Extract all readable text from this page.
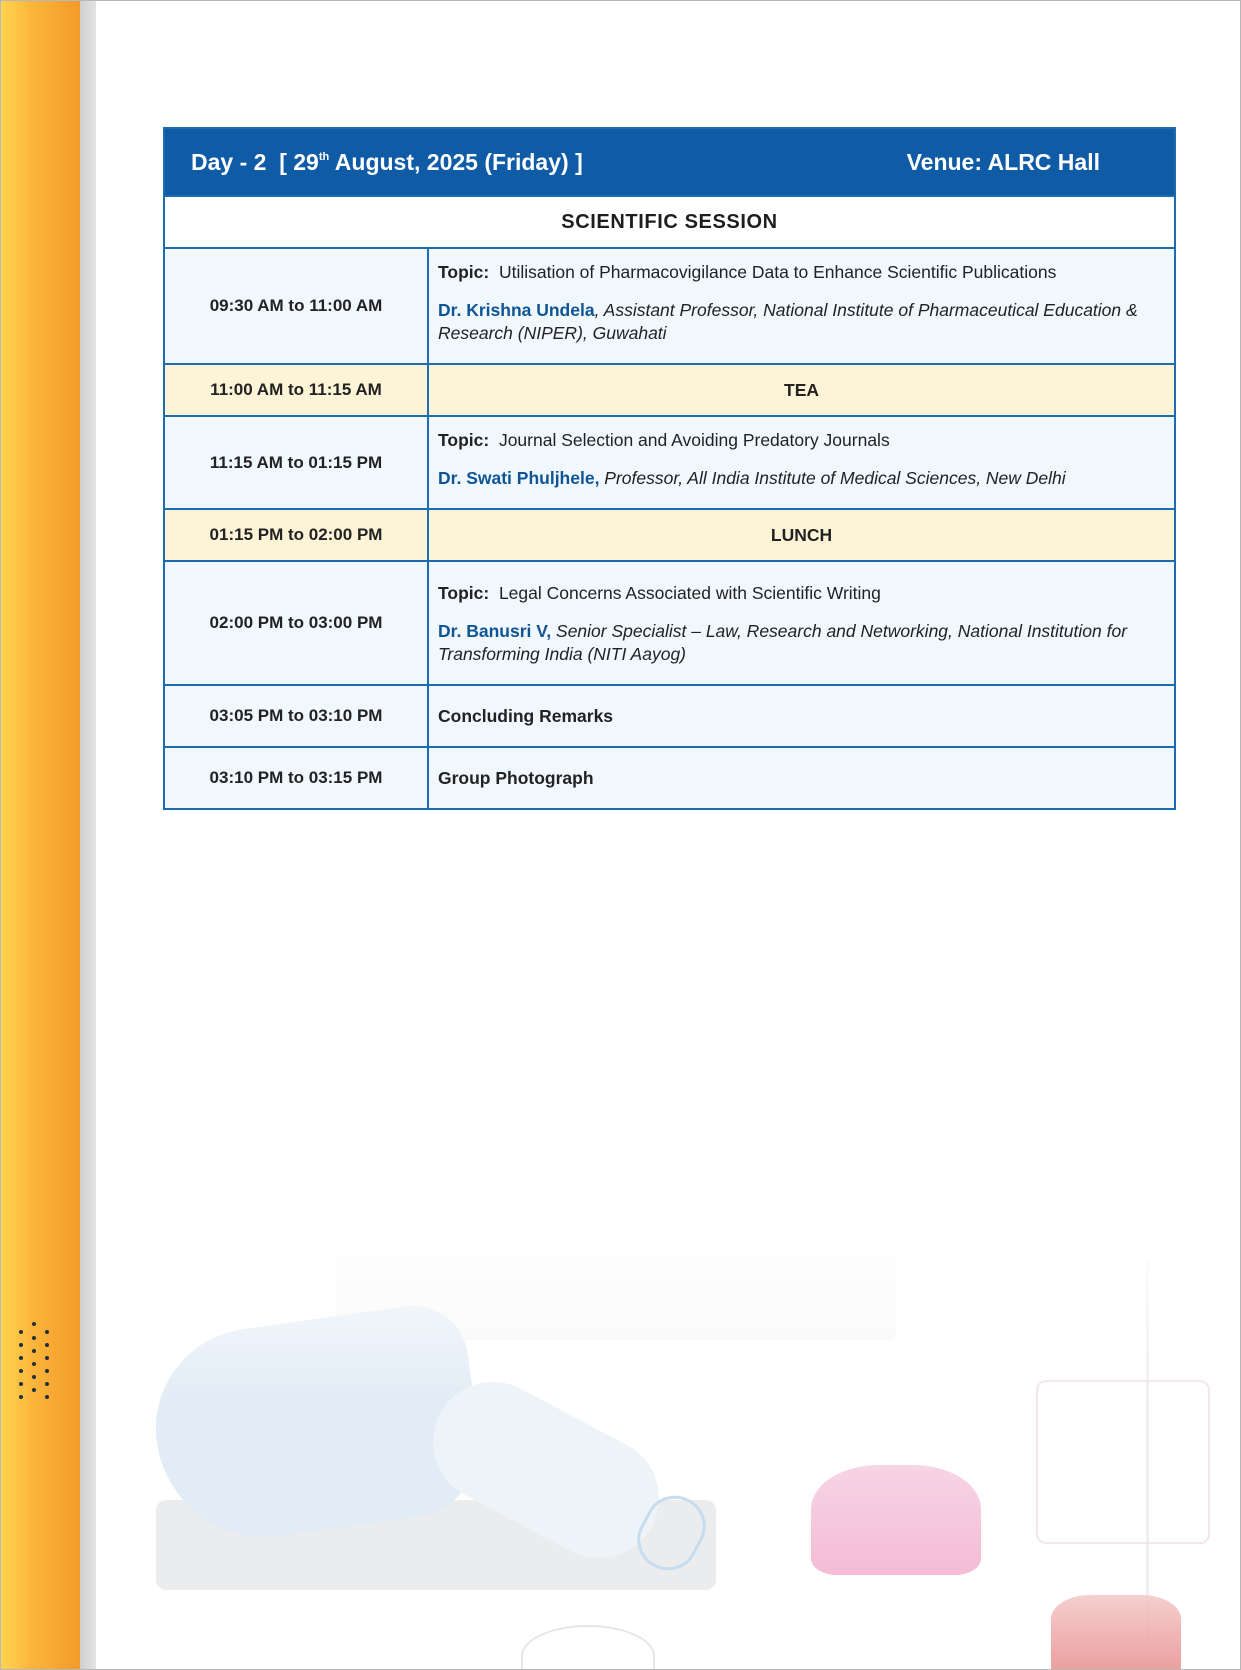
Day - 2 [ 29th August, 2025 (Friday) ] Venue: ALRC Hall	

SCIENTIFIC SESSION	
09:30 AM to 11:00 AM	Topic: Utilisation of Pharmacovigilance Data to Enhance Scientific Publications
Dr. Krishna Undela, Assistant Professor, National Institute of Pharmaceutical Education & Research (NIPER), Guwahati

11:00 AM to 11:15 AM	TEA
11:15 AM to 01:15 PM	Topic: Journal Selection and Avoiding Predatory Journals
Dr. Swati Phuljhele, Professor, All India Institute of Medical Sciences, New Delhi

01:15 PM to 02:00 PM	LUNCH
02:00 PM to 03:00 PM	Topic: Legal Concerns Associated with Scientific Writing
Dr. Banusri V, Senior Specialist – Law, Research and Networking, National Institution for Transforming India (NITI Aayog)

03:05 PM to 03:10 PM	Concluding Remarks
03:10 PM to 03:15 PM	Group Photograph
